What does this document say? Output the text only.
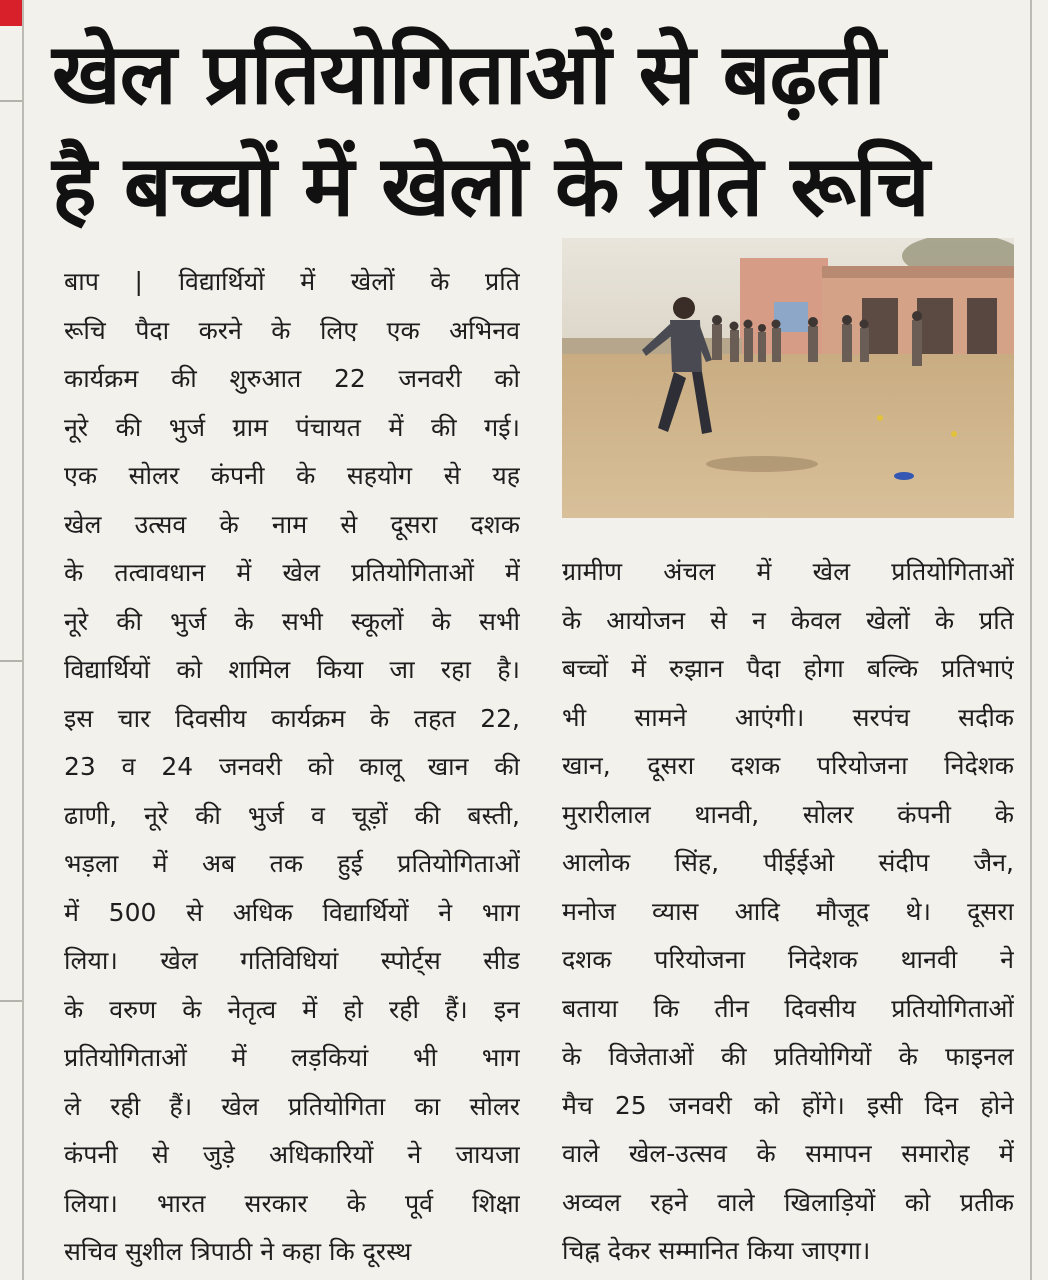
खेल प्रतियोगिताओं से बढ़ती
है बच्चों में खेलों के प्रति रूचि
बाप | विद्यार्थियों में खेलों के प्रति
रूचि पैदा करने के लिए एक अभिनव
कार्यक्रम की शुरुआत 22 जनवरी को
नूरे की भुर्ज ग्राम पंचायत में की गई।
एक सोलर कंपनी के सहयोग से यह
खेल उत्सव के नाम से दूसरा दशक
के तत्वावधान में खेल प्रतियोगिताओं में
नूरे की भुर्ज के सभी स्कूलों के सभी
विद्यार्थियों को शामिल किया जा रहा है।
इस चार दिवसीय कार्यक्रम के तहत 22,
23 व 24 जनवरी को कालू खान की
ढाणी, नूरे की भुर्ज व चूड़ों की बस्ती,
भड़ला में अब तक हुई प्रतियोगिताओं
में 500 से अधिक विद्यार्थियों ने भाग
लिया। खेल गतिविधियां स्पोर्ट्स सीड
के वरुण के नेतृत्व में हो रही हैं। इन
प्रतियोगिताओं में लड़कियां भी भाग
ले रही हैं। खेल प्रतियोगिता का सोलर
कंपनी से जुड़े अधिकारियों ने जायजा
लिया। भारत सरकार के पूर्व शिक्षा
सचिव सुशील त्रिपाठी ने कहा कि दूरस्थ
ग्रामीण अंचल में खेल प्रतियोगिताओं
के आयोजन से न केवल खेलों के प्रति
बच्चों में रुझान पैदा होगा बल्कि प्रतिभाएं
भी सामने आएंगी। सरपंच सदीक
खान, दूसरा दशक परियोजना निदेशक
मुरारीलाल थानवी, सोलर कंपनी के
आलोक सिंह, पीईईओ संदीप जैन,
मनोज व्यास आदि मौजूद थे। दूसरा
दशक परियोजना निदेशक थानवी ने
बताया कि तीन दिवसीय प्रतियोगिताओं
के विजेताओं की प्रतियोगियों के फाइनल
मैच 25 जनवरी को होंगे। इसी दिन होने
वाले खेल-उत्सव के समापन समारोह में
अव्वल रहने वाले खिलाड़ियों को प्रतीक
चिह्न देकर सम्मानित किया जाएगा।
